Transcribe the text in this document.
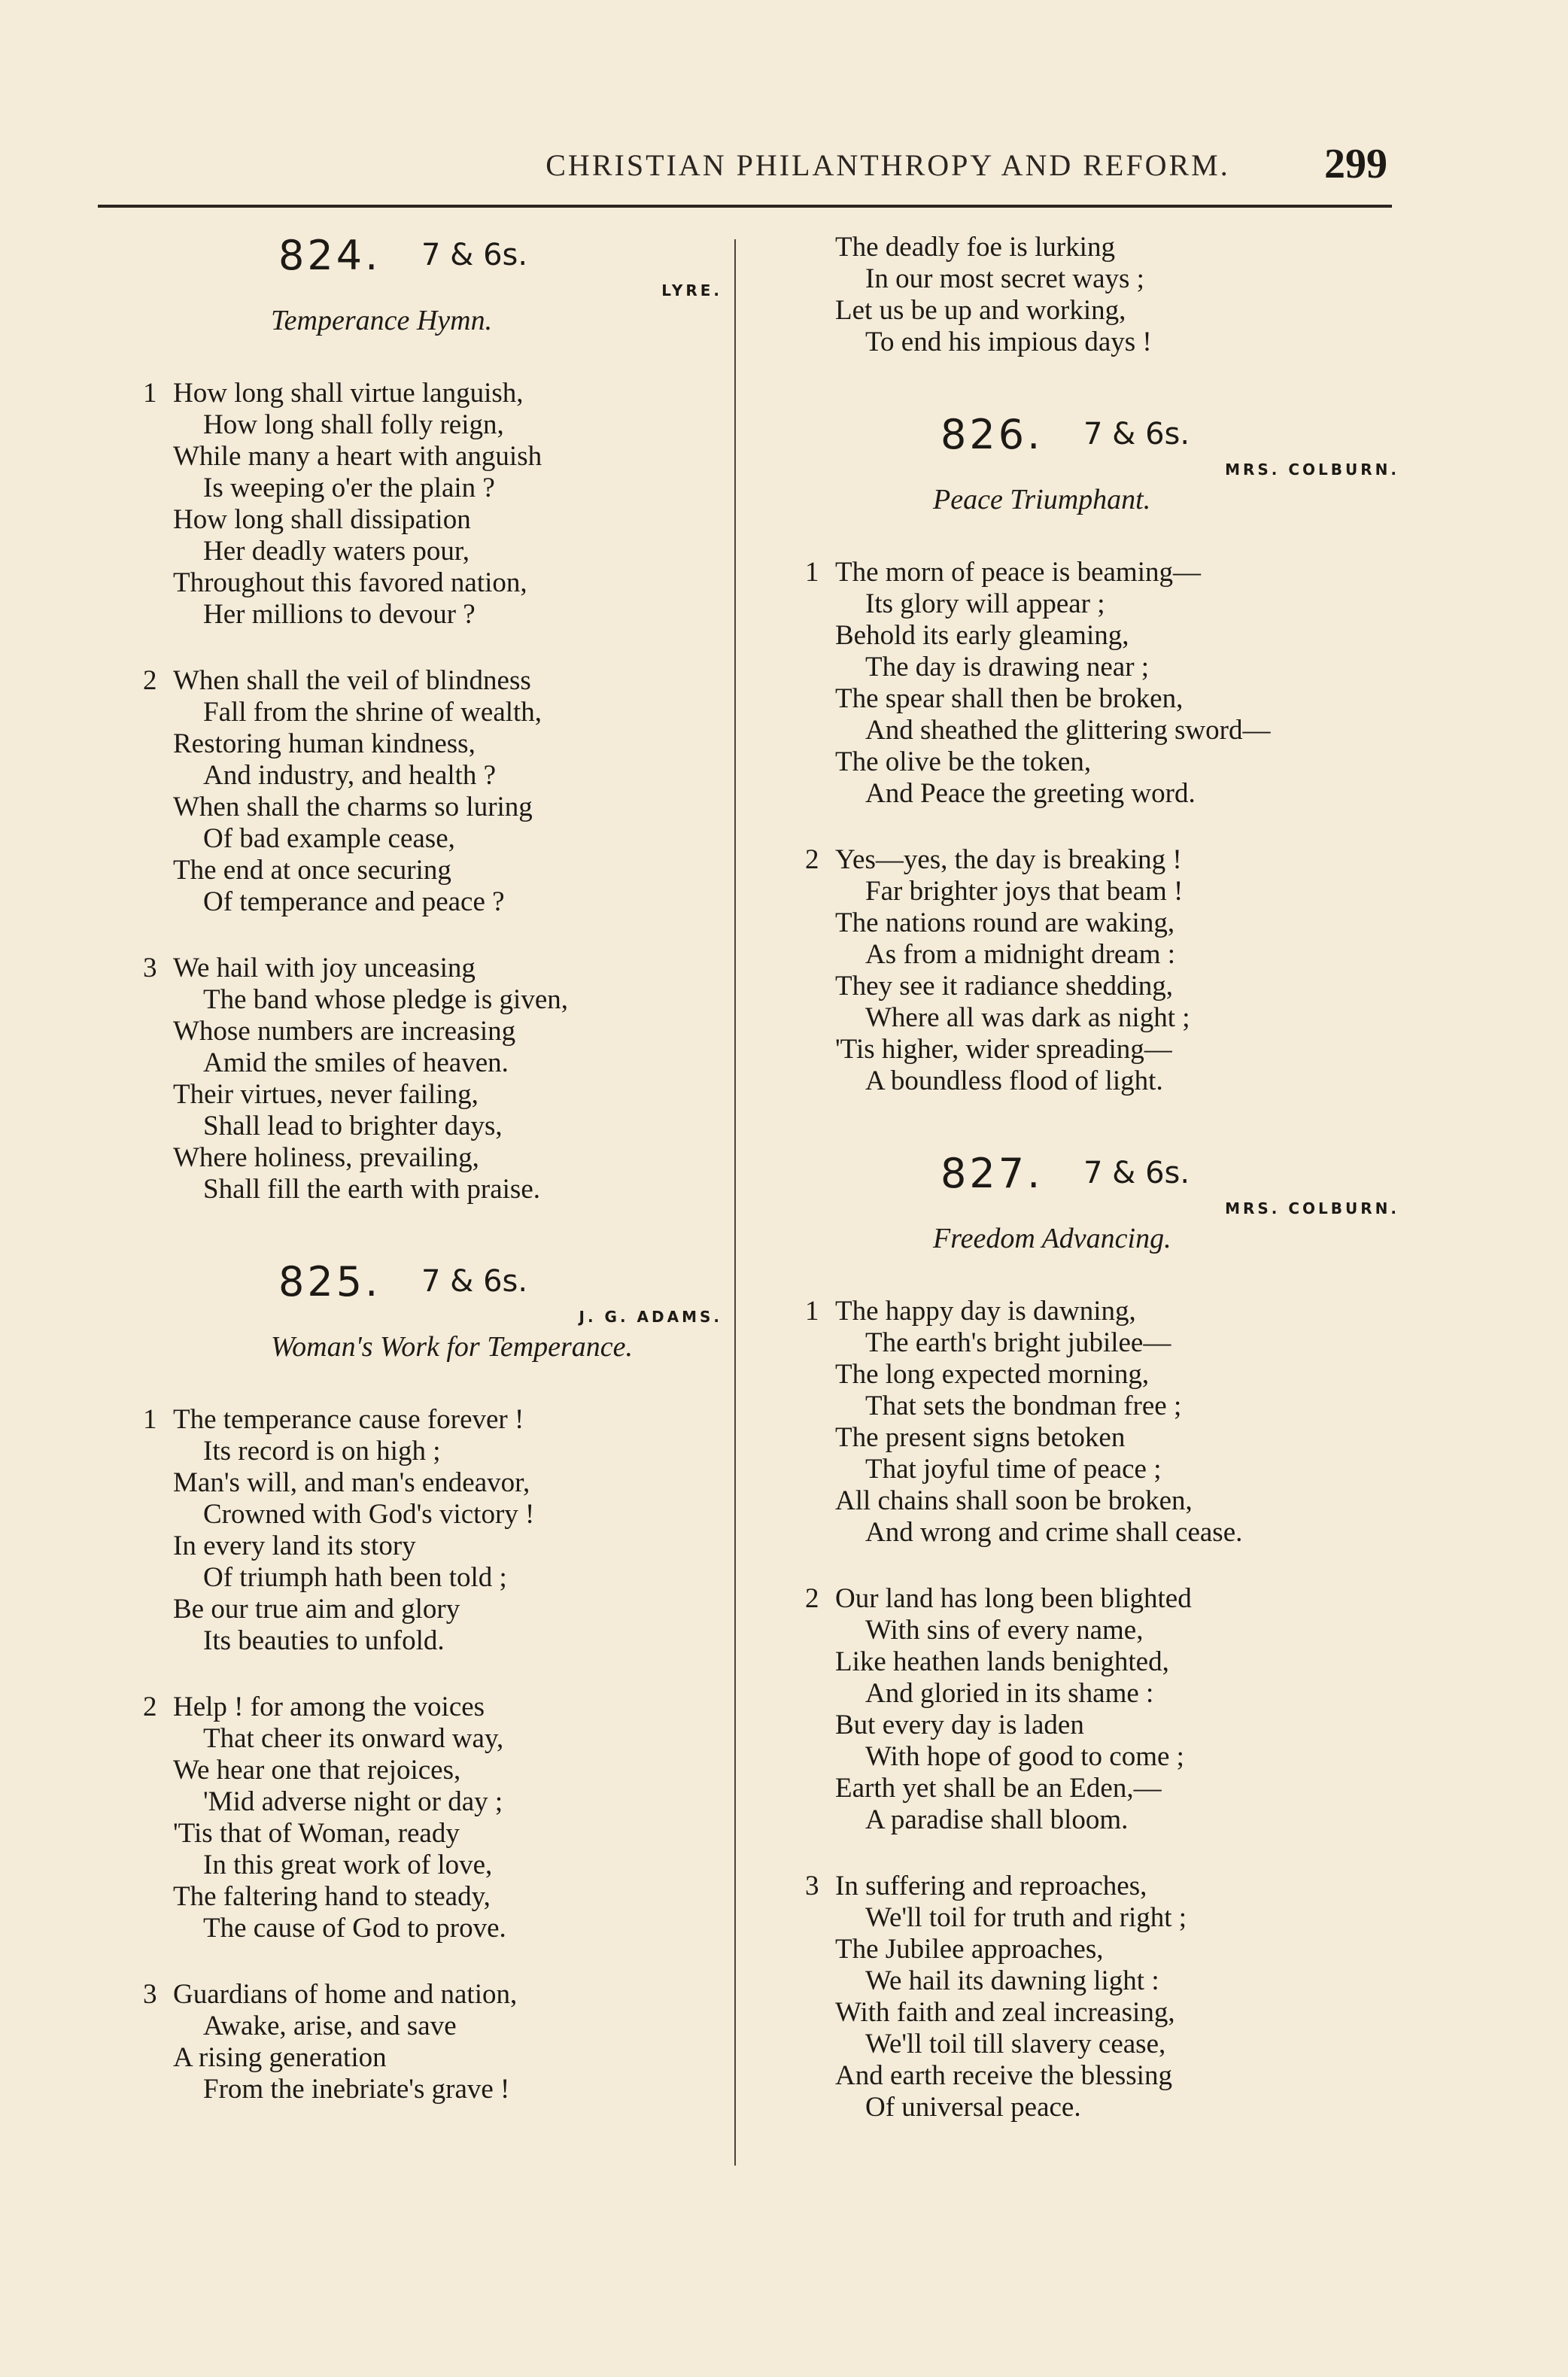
CHRISTIAN PHILANTHROPY AND REFORM.	299
824. 7 & 6s.
LYRE.
Temperance Hymn.
1 How long shall virtue languish,
How long shall folly reign,
While many a heart with anguish
Is weeping o'er the plain ?
How long shall dissipation
Her deadly waters pour,
Throughout this favored nation,
Her millions to devour ?
2 When shall the veil of blindness
Fall from the shrine of wealth,
Restoring human kindness,
And industry, and health ?
When shall the charms so luring
Of bad example cease,
The end at once securing
Of temperance and peace ?
3 We hail with joy unceasing
The band whose pledge is given,
Whose numbers are increasing
Amid the smiles of heaven.
Their virtues, never failing,
Shall lead to brighter days,
Where holiness, prevailing,
Shall fill the earth with praise.
825. 7 & 6s.
J. G. ADAMS.
Woman's Work for Temperance.
1 The temperance cause forever !
Its record is on high ;
Man's will, and man's endeavor,
Crowned with God's victory !
In every land its story
Of triumph hath been told ;
Be our true aim and glory
Its beauties to unfold.
2 Help ! for among the voices
That cheer its onward way,
We hear one that rejoices,
'Mid adverse night or day ;
'Tis that of Woman, ready
In this great work of love,
The faltering hand to steady,
The cause of God to prove.
3 Guardians of home and nation,
Awake, arise, and save
A rising generation
From the inebriate's grave !
The deadly foe is lurking
In our most secret ways ;
Let us be up and working,
To end his impious days !
826. 7 & 6s.
MRS. COLBURN.
Peace Triumphant.
1 The morn of peace is beaming—
Its glory will appear ;
Behold its early gleaming,
The day is drawing near ;
The spear shall then be broken,
And sheathed the glittering sword—
The olive be the token,
And Peace the greeting word.
2 Yes—yes, the day is breaking !
Far brighter joys that beam !
The nations round are waking,
As from a midnight dream :
They see it radiance shedding,
Where all was dark as night ;
'Tis higher, wider spreading—
A boundless flood of light.
827. 7 & 6s.
MRS. COLBURN.
Freedom Advancing.
1 The happy day is dawning,
The earth's bright jubilee—
The long expected morning,
That sets the bondman free ;
The present signs betoken
That joyful time of peace ;
All chains shall soon be broken,
And wrong and crime shall cease.
2 Our land has long been blighted
With sins of every name,
Like heathen lands benighted,
And gloried in its shame :
But every day is laden
With hope of good to come ;
Earth yet shall be an Eden,—
A paradise shall bloom.
3 In suffering and reproaches,
We'll toil for truth and right ;
The Jubilee approaches,
We hail its dawning light :
With faith and zeal increasing,
We'll toil till slavery cease,
And earth receive the blessing
Of universal peace.
